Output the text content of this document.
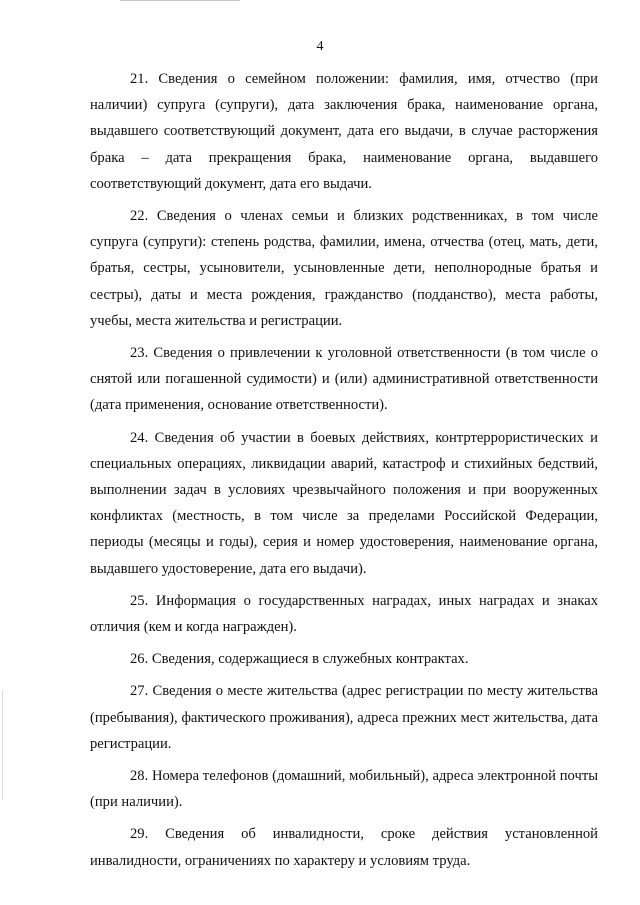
4

21. Сведения о семейном положении: фамилия, имя, отчество (при наличии) супруга (супруги), дата заключения брака, наименование органа, выдавшего соответствующий документ, дата его выдачи, в случае расторжения брака – дата прекращения брака, наименование органа, выдавшего соответствующий документ, дата его выдачи.

22. Сведения о членах семьи и близких родственниках, в том числе супруга (супруги): степень родства, фамилии, имена, отчества (отец, мать, дети, братья, сестры, усыновители, усыновленные дети, неполнородные братья и сестры), даты и места рождения, гражданство (подданство), места работы, учебы, места жительства и регистрации.

23. Сведения о привлечении к уголовной ответственности (в том числе о снятой или погашенной судимости) и (или) административной ответственности (дата применения, основание ответственности).

24. Сведения об участии в боевых действиях, контртеррористических и специальных операциях, ликвидации аварий, катастроф и стихийных бедствий, выполнении задач в условиях чрезвычайного положения и при вооруженных конфликтах (местность, в том числе за пределами Российской Федерации, периоды (месяцы и годы), серия и номер удостоверения, наименование органа, выдавшего удостоверение, дата его выдачи).

25. Информация о государственных наградах, иных наградах и знаках отличия (кем и когда награжден).

26. Сведения, содержащиеся в служебных контрактах.

27. Сведения о месте жительства (адрес регистрации по месту жительства (пребывания), фактического проживания), адреса прежних мест жительства, дата регистрации.

28. Номера телефонов (домашний, мобильный), адреса электронной почты (при наличии).

29. Сведения об инвалидности, сроке действия установленной инвалидности, ограничениях по характеру и условиям труда.
